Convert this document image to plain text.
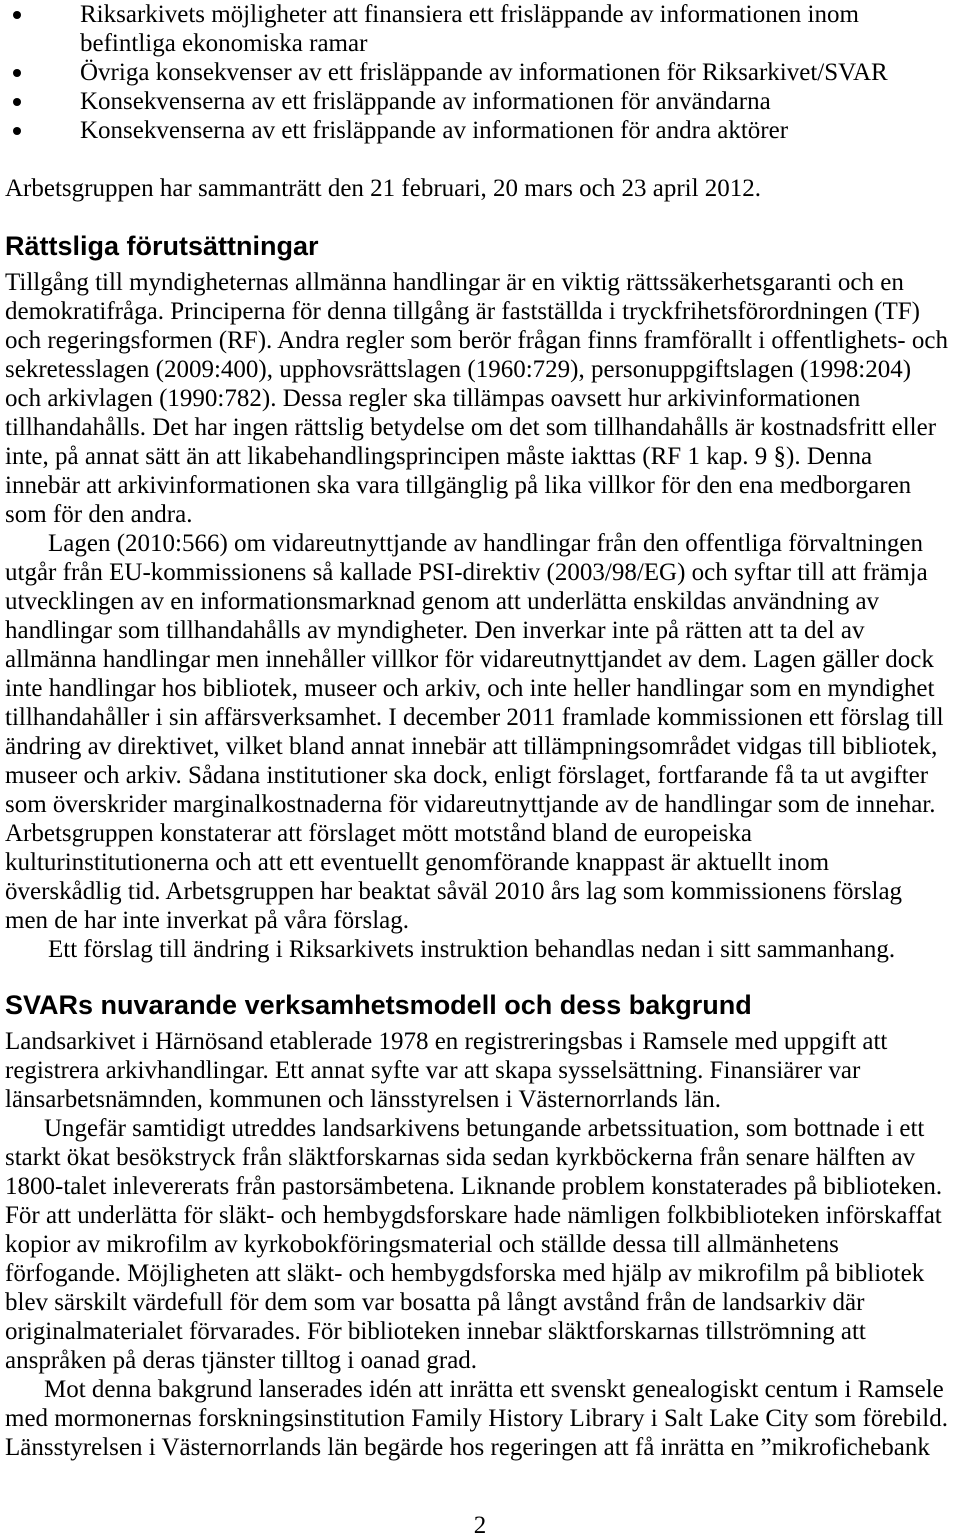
Riksarkivets möjligheter att finansiera ett frisläppande av informationen inom
befintliga ekonomiska ramar
Övriga konsekvenser av ett frisläppande av informationen för Riksarkivet/SVAR
Konsekvenserna av ett frisläppande av informationen för användarna
Konsekvenserna av ett frisläppande av informationen för andra aktörer
Arbetsgruppen har sammanträtt den 21 februari, 20 mars och 23 april 2012.
Rättsliga förutsättningar
Tillgång till myndigheternas allmänna handlingar är en viktig rättssäkerhetsgaranti och en
demokratifråga. Principerna för denna tillgång är fastställda i tryckfrihetsförordningen (TF)
och regeringsformen (RF). Andra regler som berör frågan finns framförallt i offentlighets- och
sekretesslagen (2009:400), upphovsrättslagen (1960:729), personuppgiftslagen (1998:204)
och arkivlagen (1990:782). Dessa regler ska tillämpas oavsett hur arkivinformationen
tillhandahålls. Det har ingen rättslig betydelse om det som tillhandahålls är kostnadsfritt eller
inte, på annat sätt än att likabehandlingsprincipen måste iakttas (RF 1 kap. 9 §). Denna
innebär att arkivinformationen ska vara tillgänglig på lika villkor för den ena medborgaren
som för den andra.
Lagen (2010:566) om vidareutnyttjande av handlingar från den offentliga förvaltningen
utgår från EU-kommissionens så kallade PSI-direktiv (2003/98/EG) och syftar till att främja
utvecklingen av en informationsmarknad genom att underlätta enskildas användning av
handlingar som tillhandahålls av myndigheter. Den inverkar inte på rätten att ta del av
allmänna handlingar men innehåller villkor för vidareutnyttjandet av dem. Lagen gäller dock
inte handlingar hos bibliotek, museer och arkiv, och inte heller handlingar som en myndighet
tillhandahåller i sin affärsverksamhet. I december 2011 framlade kommissionen ett förslag till
ändring av direktivet, vilket bland annat innebär att tillämpningsområdet vidgas till bibliotek,
museer och arkiv. Sådana institutioner ska dock, enligt förslaget, fortfarande få ta ut avgifter
som överskrider marginalkostnaderna för vidareutnyttjande av de handlingar som de innehar.
Arbetsgruppen konstaterar att förslaget mött motstånd bland de europeiska
kulturinstitutionerna och att ett eventuellt genomförande knappast är aktuellt inom
överskådlig tid. Arbetsgruppen har beaktat såväl 2010 års lag som kommissionens förslag
men de har inte inverkat på våra förslag.
Ett förslag till ändring i Riksarkivets instruktion behandlas nedan i sitt sammanhang.
SVARs nuvarande verksamhetsmodell och dess bakgrund
Landsarkivet i Härnösand etablerade 1978 en registreringsbas i Ramsele med uppgift att
registrera arkivhandlingar. Ett annat syfte var att skapa sysselsättning. Finansiärer var
länsarbetsnämnden, kommunen och länsstyrelsen i Västernorrlands län.
Ungefär samtidigt utreddes landsarkivens betungande arbetssituation, som bottnade i ett
starkt ökat besökstryck från släktforskarnas sida sedan kyrkböckerna från senare hälften av
1800-talet inlevererats från pastorsämbetena. Liknande problem konstaterades på biblioteken.
För att underlätta för släkt- och hembygdsforskare hade nämligen folkbiblioteken införskaffat
kopior av mikrofilm av kyrkobokföringsmaterial och ställde dessa till allmänhetens
förfogande. Möjligheten att släkt- och hembygdsforska med hjälp av mikrofilm på bibliotek
blev särskilt värdefull för dem som var bosatta på långt avstånd från de landsarkiv där
originalmaterialet förvarades. För biblioteken innebar släktforskarnas tillströmning att
anspråken på deras tjänster tilltog i oanad grad.
Mot denna bakgrund lanserades idén att inrätta ett svenskt genealogiskt centum i Ramsele
med mormonernas forskningsinstitution Family History Library i Salt Lake City som förebild.
Länsstyrelsen i Västernorrlands län begärde hos regeringen att få inrätta en ”mikrofichebank
2
